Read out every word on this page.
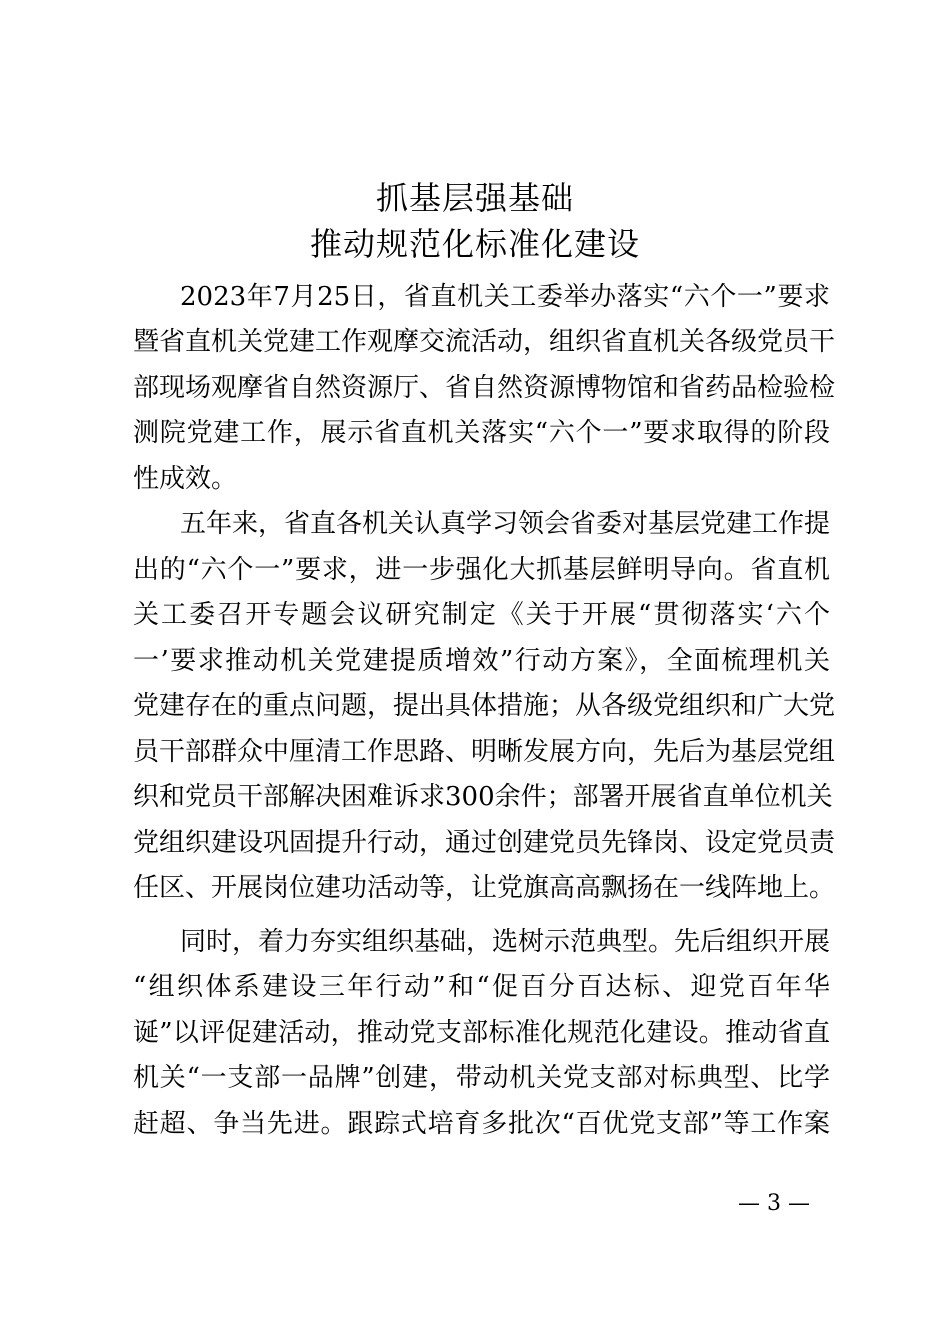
抓基层强基础
推动规范化标准化建设
2023年7月25日，省直机关工委举办落实“六个一”要求
暨省直机关党建工作观摩交流活动，组织省直机关各级党员干
部现场观摩省自然资源厅、省自然资源博物馆和省药品检验检
测院党建工作，展示省直机关落实“六个一”要求取得的阶段
性成效。
五年来，省直各机关认真学习领会省委对基层党建工作提
出的“六个一”要求，进一步强化大抓基层鲜明导向。省直机
关工委召开专题会议研究制定《关于开展“贯彻落实‘六个
一’要求推动机关党建提质增效”行动方案》，全面梳理机关
党建存在的重点问题，提出具体措施；从各级党组织和广大党
员干部群众中厘清工作思路、明晰发展方向，先后为基层党组
织和党员干部解决困难诉求300余件；部署开展省直单位机关
党组织建设巩固提升行动，通过创建党员先锋岗、设定党员责
任区、开展岗位建功活动等，让党旗高高飘扬在一线阵地上。
同时，着力夯实组织基础，选树示范典型。先后组织开展
“组织体系建设三年行动”和“促百分百达标、迎党百年华
诞”以评促建活动，推动党支部标准化规范化建设。推动省直
机关“一支部一品牌”创建，带动机关党支部对标典型、比学
赶超、争当先进。跟踪式培育多批次“百优党支部”等工作案
— 3 —
